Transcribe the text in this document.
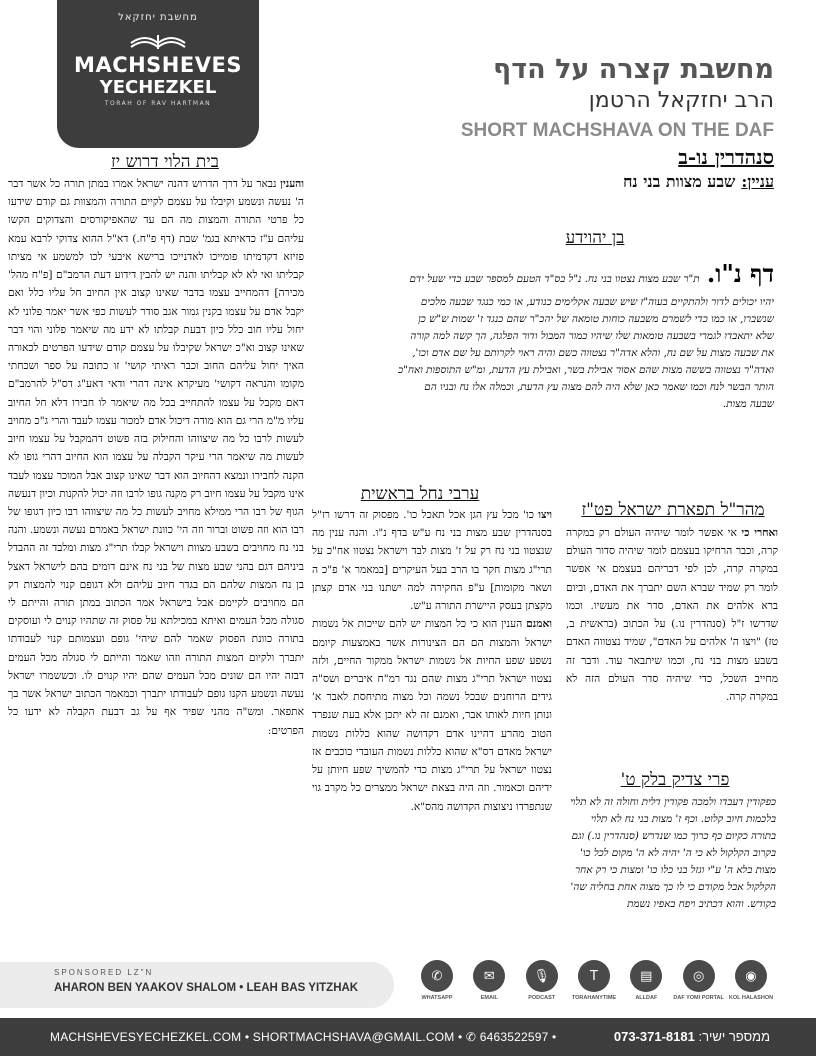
מחשבת יחזקאל
MACHSHEVES
YECHEZKEL
TORAH OF RAV HARTMAN
מחשבת קצרה על הדף
הרב יחזקאל הרטמן
SHORT MACHSHAVA ON THE DAF
סנהדרין נו-ב
עניין:שבע מצוות בני נח
בית הלוי דרוש יז
והענין נבאר על דרך הדרוש דהנה ישראל אמרו במתן תורה כל אשר דבר ה' נעשה ונשמע וקיבלו על עצמם לקיים התורה והמצוות גם קודם שידעו כל פרטי התורה והמצות מה הם עד שהאפיקורסים והצדוקים הקשו עליהם ע"ז כדאיתא בגמ' שבת (דף פ"ח.) דא"ל ההוא צדוקי לרבא עמא פזיזא דקדמיתו פומייכו לאדנייכו ברישא איבעי לכו למשמע אי מציתו קבליתו ואי לא לא קבליתו והנה יש להבין דידוע דעת הרמב"ם [פ"ח מהל' מכירה] דהמחייב עצמו בדבר שאינו קצוב אין החיוב חל עליו כלל ואם יקבל אדם על עצמו בקנין גמור אגב סודר לעשות כפי אשר יאמר פלוני לא יחול עליו חוב כלל כיון דבעת קבלתו לא ידע מה שיאמר פלוני והוי דבר שאינו קצוב וא"כ ישראל שקיבלו על עצמם קודם שידעו הפרטים לכאורה האיך יחול עליהם החוב וכבר ראיתי קושי' זו כתובה על ספר ושכחתי מקומו והנראה דקושי' מעיקרא אינה דהרי ודאי דאע"ג דס"ל להרמב"ם דאם מקבל על עצמו להתחייב בכל מה שיאמר לו חבירו דלא חל החיוב עליו מ"מ הרי גם הוא מודה דיכול אדם למכור עצמו לעבד והרי ג"כ מחויב לעשות לרבו כל מה שיצווהו והחילוק בזה פשוט דהמקבל על עצמו חיוב לעשות מה שיאמר הרי עיקר הקבלה על עצמו הוא החיוב דהרי גופו לא הקנה לחבירו ונמצא דהחיוב הוא דבר שאינו קצוב אבל המוכר עצמו לעבד אינו מקבל על עצמו חיוב רק מקנה גופו לרבו וזה יכול להקנות וכיון דנעשה הגוף של רבו הרי ממילא מחויב לעשות כל מה שיצווהו רבו כיון דגופו של רבו הוא וזה פשוט וברור וזה הי' כוונת ישראל באמרם נעשה ונשמע. והנה בני נח מחויבים בשבע מצוות וישראל קבלו תרי"ג מצות ומלבד זה ההבדל ביניהם דגם בהני שבע מצות של בני נח אינם דומים בהם לישראל דאצל בן נח המצות שלהם הם בגדר חיוב עליהם ולא דגופם קנוי להמצות רק הם מחויבים לקיימם אבל בישראל אמר הכתוב במתן תורה והייתם לי סגולה מכל העמים ואיתא במכילתא על פסוק זה שתהיו קנוים לי ועוסקים בתורה כוונת הפסוק שאמר להם שיהי' גופם ועצמותם קנוי לעבודתו יתברך ולקיום המצות התורה וזהו שאמר והייתם לי סגולה מכל העמים דבזה יהיו הם שונים מכל העמים שהם יהיו קנוים לו. וכששמרו ישראל נעשה ונשמע הקנו גופם לעבודתו יתברך וכמאמר הכתוב ישראל אשר בך אתפאר. ומש"ה מהני שפיר אף על גב דבעת הקבלה לא ידעו כל הפרטים:
בן יהוידע
דף נ"ו. ת"ר שבע מצות נצטוו בני נח. נ"ל בס"ד הטעם למספר שבע כדי שעל ידם יהיו יכולים לדור ולהתקיים בעוה"ז שיש שבעה אקלימים כנודע, או כמי כנגד שבעה מלכים שנשברו, או כמו כדי לשמרם משבעה כוחות טומאה של יהכ"ר שהם כנגד ז' שמות ש"ש כן שלא יתאבדו לגמרי בשבעה טומאות שלו שיהיו כמור המבול ודור הפלגה, הך קשה למה קורה את שבעה מצות על שם נח, והלא אדה"ר נצטווה כשם והיה ראוי לקרותם על שם אדם וכו', ואדה"ר נצטווה בששה מצות שהם אסור אבילת בשר, ואבילת עץ הדעת, ומ"ש התוספות ואח"כ הותר הבשר לנח וכמו שאמר כאן שלא היה להם מצוה עץ הדעת, וכמלה אלו נח ובניו הם שבעה מצות.
ערבי נחל בראשית
ויצו כו' מכל עץ הגן אכל תאכל כו'. מפסוק זה דרשו רז"ל בסנהדרין שבע מצות בני נח ע"ש בדף נ"ו. והנה ענין מה שנצטוו בני נח רק על ז' מצות לבד וישראל נצטוו אח"כ על תרי"ג מצות חקר בו הרב בעל העיקרים [במאמר א' פ"כ ה ושאר מקומות] ע"פ החקירה למה ישתנו בני אדם קצתן מקצתן בעסק היישרת התורה ע"ש.
ואמנם הענין הוא כי כל המצות יש להם שייכות אל נשמות ישראל והמצות הם הם הצינורות אשר באמצעות קיומם נשפע שפע החיות אל נשמות ישראל ממקור החיים, ולזה נצטוו ישראל תרי"ג מצות שהם נגד רמ"ח איברים ושס"ה גידים הרוחנים שבכל נשמה וכל מצוה מתיחסת לאבר א' ונותן חיות לאותו אבר, ואמנם זה לא יתכן אלא בעת שנפרד הטוב מהרע דהיינו אדם דקדושה שהוא כללות נשמות ישראל מאדם דס"א שהוא כללות נשמות העובדי כוכבים אז נצטוו ישראל על תרי"ג מצות כדי להמשיך שפע חיותן על ידיהם וכאמור. וזה היה בצאת ישראל ממצרים כל מקרב גוי שנתפרדו ניצוצות הקדושה מהס"א.
מהר"ל תפארת ישראל פט"ז
ואחרי כי אי אפשר לומר שיהיה העולם רק במקרה קרה, וכבר הרחיקו בעצמם לומר שיהיה סדור העולם במקרה קרה, לכן לפי דבריהם בעצמם אי אפשר לומר רק שמיד שברא השם יתברך את האדם, וביום ברא אלהים את האדם, סדר את מעשיו. וכמו שדרשו ז"ל (סנהדרין נו.) על הכתוב (בראשית ב, טז) "ויצו ה' אלהים על האדם", שמיד נצטווה האדם בשבע מצות בני נח, וכמו שיתבאר עוד. ודבר זה מחייב השכל, כדי שיהיה סדר העולם הזה לא במקרה קרה.
פרי צדיק בלק ט'
כפקודין דעבדו ולמכה פקודין דלית וחולה זה לא תלוי בלכמות חיוב קלוט. וכף ז' מצות בני נח לא תלוי בתורה כקיום כף כרוך כמו שנדרש (סנהדרין נו.) וגם בקרוב הקלקול לא כי ה' יהיה לא ה' מקום לכל כו' מצות בלא ה' ע"י וגזל בני כלו כו' ומצות כי רק אחר הקלקול אבל מקודם כי לו כך מצוה אחת בחליה שה' בקודש. והוא דכתיב ויפח באפיו נשמת
SPONSORED LZ"N
AHARON BEN YAAKOV SHALOM • LEAH BAS YITZHAK
✆
WHATSAPP
✉
EMAIL
🎙
PODCAST
T
TORAHANYTIME
▤
ALLDAF
◎
DAF YOMI PORTAL
◉
KOL HALASHON
MACHSHEVESYECHEZKEL.COM • SHORTMACHSHAVA@GMAIL.COM • ✆ 6463522597 •	ממספר ישיר: 073-371-8181
